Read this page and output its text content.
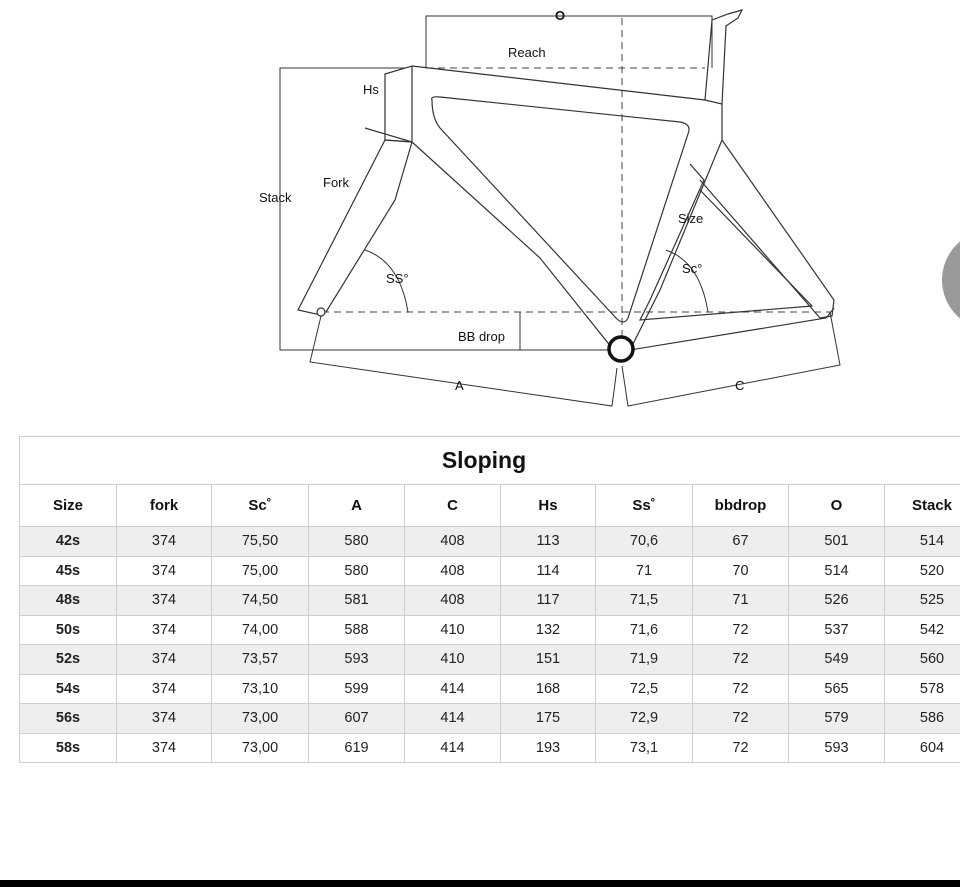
O
Reach
Hs
Stack
Fork
SS°
Size
Sc°
BB drop
A	C
Sloping
Size	fork	Sc˚	A	C	Hs	Ss˚	bbdrop	O	Stack
42s	374	75,50	580	408	113	70,6	67	501	514
45s	374	75,00	580	408	114	71	70	514	520
48s	374	74,50	581	408	117	71,5	71	526	525
50s	374	74,00	588	410	132	71,6	72	537	542
52s	374	73,57	593	410	151	71,9	72	549	560
54s	374	73,10	599	414	168	72,5	72	565	578
56s	374	73,00	607	414	175	72,9	72	579	586
58s	374	73,00	619	414	193	73,1	72	593	604
